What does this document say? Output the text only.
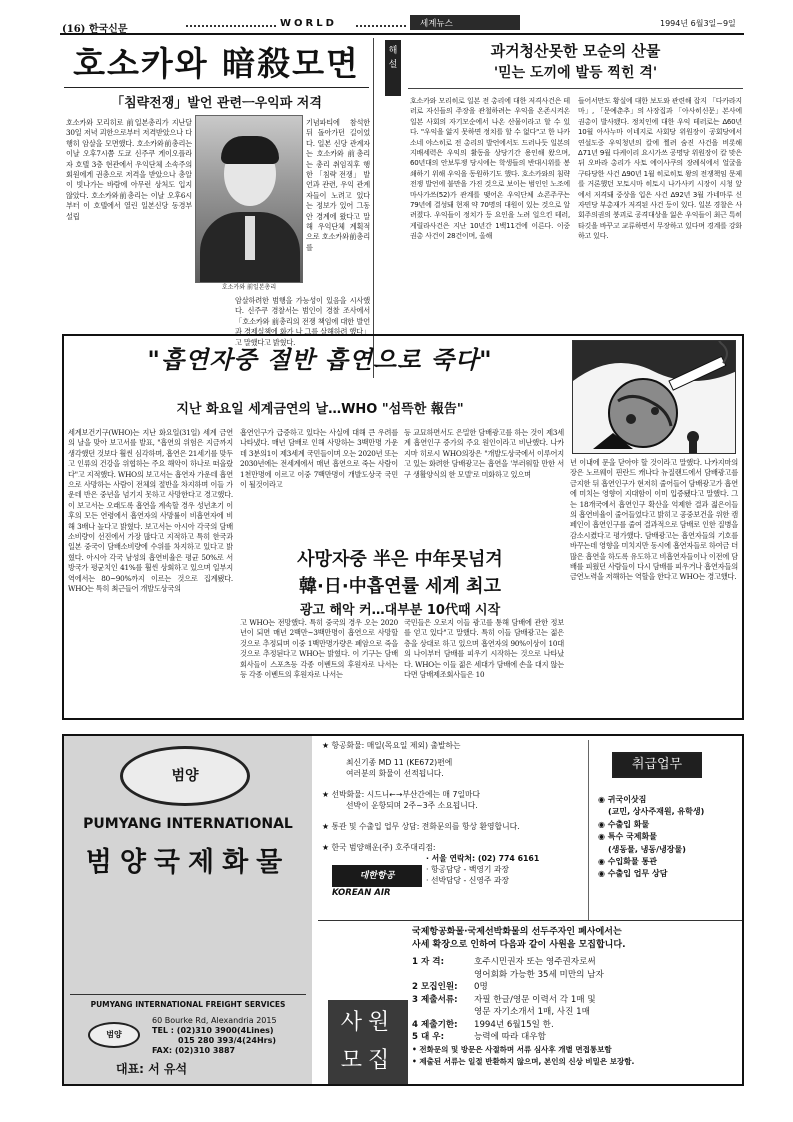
(16) 한국신문
WORLD	세계뉴스	1994년 6월3일~9일
호소카와 暗殺모면
「침략전쟁」발언 관련ㅡ우익파 저격
호소카와 前일본총리
호소카와 모리히로 前일본총리가 지난달30일 저녁 괴한으로부터 저격받았으나 다행히 암살을 모면했다. 호소카와前총리는 이날 오후7시쯤 도쿄 신주쿠 게이오플라자 호텔 3층 현관에서 우익단체 소속주의 회원에게 권총으로 저격을 받았으나 총알이 빗나가는 바람에 아무런 상처도 입지 않았다. 호소카와前총리는 이날 오후6시부터 이 호텔에서 열린 일본신당 동경부 설립
기념파티에 참석한 뒤 돌아가던 길이었다. 일본 신당 관계자는 호소카와 前총리는 총리 취임직후 행한 「침략 전쟁」 발언과 관련, 우익 관계자들이 노려고 있다는 정보가 있어 그동안 경계에 왔다고 말해 우익단체 계획적으로 호소카와前총리를
암살하려한 범행을 가능성이 있음을 시사했다. 신주쿠 경찰서는 범인이 경찰 조사에서 「호소카와 前총리의 전쟁 책임에 대한 발언과 경제실책에 화가 나 그를 살해하려 했다」고 말했다고 밝혔다.
해설
과거청산못한 모순의 산물
'믿는 도끼에 발등 찍힌 격'
호소카와 모리히로 일본 전 총리에 대한 저격사건은 테러로 자신들의 주장을 관철하려는 우익을 온존시켜온 일본 사회의 자기모순에서 나온 산물이라고 할 수 있다. "우익을 앓지 못하면 정치를 할 수 없다"고 한 나카소네 야스히로 전 총리의 발언에서도 드러나듯 일본의 지배세력은 우익의 활동을 상당기간 용인해 왔으며, 60년대의 안보투쟁 당시에는 학생들의 반대시위를 봉쇄하기 위해 우익을 동원하기도 했다. 호소카와의 침략전쟁 발언에 불만을 가진 것으로 보이는 범인인 노조에 마사가쓰(52)가 관계를 맺어온 우익단체 쇼콘주쿠는 79년에 결성돼 현재 약 70명의 대원이 있는 것으로 알려졌다. 우익들이 정치가 등 요인을 노려 일으킨 테러, 게릴라사건은 지난 10년간 1백11건에 이른다. 이중 권총 사건이 28건이며, 올해
들어서만도 황실에 대한 보도와 관련해 잡지 「다카라지마」, 「문예춘추」의 사장집과 「아사히신문」본사에 권총이 발사됐다. 정치인에 대한 우익 테러로는 Δ60년 10월 아사누마 이네지로 사회당 위원장이 공회당에서 연설도중 우익청년의 칼에 찔려 숨진 사건을 비롯해 Δ71년 9월 다케이리 요시가쓰 공명당 위원장이 칼 맞은 뒤 오바라 총리가 사토 에이사쿠의 장례식에서 얼굴을 구타당한 사건 Δ90년 1월 히로히토 왕의 전쟁책임 문제를 거론했던 모토시마 히토시 나가사키 시장이 시청 앞에서 저격돼 중상을 입은 사건 Δ92년 3월 가네마루 신 자민당 부총재가 저격된 사건 등이 있다. 일본 경찰은 사회주의권의 붕괴로 공격대상을 잃은 우익들이 최근 특히 타깃을 바꾸고 교류하면서 무장하고 있다며 경계를 강화하고 있다.
"흡연자중 절반 흡연으로 죽다"
지난 화요일 세계금연의 날…WHO "섬뜩한 報告"
사망자중 半은 中年못넘겨
韓·日·中흡연률 세계 최고
광고 해악 커…대부분 10代때 시작
세계보건기구(WHO)는 지난 화요일(31일) 세계 금연의 날을 맞아 보고서를 발표, "흡연의 위험은 지금까지 생각했던 것보다 훨씬 심각하며, 흡연은 21세기를 맞두고 인류의 건강을 위협하는 주요 해악이 하나로 떠올랐다"고 지적했다. WHO의 보고서는 흡연자 가운데 흡연으로 사망하는 사람이 전체의 절반을 차지하며 이들 가운데 반은 중년을 넘기지 못하고 사망한다고 경고했다. 이 보고서는 오래도록 흡연을 계속할 경우 성년초기 이후의 모든 연령에서 흡연자의 사망률이 비흡연자에 비해 3배나 높다고 밝혔다. 보고서는 아시아 각국의 담배소비량이 선진에서 가장 많다고 지적하고 특히 한국과 일본 중국이 담배소비량에 수위를 차지하고 있다고 밝혔다. 아시아 각국 남성의 흡연비율은 평균 50%로 서방국가 평균치인 41%를 훨씬 상회하고 있으며 일부지역에서는 80~90%까지 이르는 것으로 집계됐다. WHO는 특히 최근들어 개발도상국의
흡연인구가 급증하고 있다는 사실에 대해 큰 우려를 나타냈다. 매년 담배로 인해 사망하는 3백만명 가운데 3분의1이 제3세계 국민들이며 오는 2020년 또는 2030년에는 전세계에서 매년 흡연으로 죽는 사람이 1천만명에 이르고 이중 7백만명이 개발도상국 국민이 될것이라고
등 교묘하면서도 은밀한 담배광고를 하는 것이 제3세계 흡연인구 증가의 주요 원인이라고 비난했다. 나카지마 히로시 WHO의장은 "개발도상국에서 이루어지고 있는 화려한 담배광고는 흡연을 '부러워할 만한 서구 생활양식의 한 모델'로 미화하고 있으며
년 이내에 문을 닫아야 할 것이라고 말했다. 나카지마의장은 노르웨이 핀란드 캐나다 뉴질랜드에서 담배광고를 금지한 뒤 흡연인구가 현저히 줄어들어 담배광고가 흡연에 미치는 영향이 지대함이 이미 입증됐다고 말했다. 그는 18개국에서 흡연인구 확산을 억제한 결과 젊은이들의 흡연비율이 줄어들었다고 밝히고 공중보건을 위한 캠페인이 흡연인구를 줄여 결과적으로 담배로 인한 질병을 감소시켰다고 평가했다. 담배광고는 흡연자들의 기호를 바꾸는데 영향을 미치지만 동시에 흡연자들로 하여금 더 많은 흡연을 하도록 유도하고 비흡연자들이나 이전에 담배를 피웠던 사람들이 다시 담배를 피우거나 흡연자들의 금연노력을 저해하는 역할을 한다고 WHO는 경고했다.
고 WHO는 전망했다. 특히 중국의 경우 오는 2020년이 되면 매년 2백만~3백만명이 흡연으로 사망할 것으로 추정되며 이중 1백만명가량은 폐암으로 죽을 것으로 추정된다고 WHO는 밝혔다. 이 기구는 담배회사들이 스포츠등 각종 이벤트의 후원자로 나서는등 각종 이벤트의 후원자로 나서는
국민들은 오로지 이들 광고를 통해 담배에 관한 정보를 얻고 있다"고 말했다. 특히 이들 담배광고는 젊은층을 상대로 하고 있으며 흡연자의 90%이상이 10대의 나이부터 담배를 피우기 시작하는 것으로 나타났다. WHO는 이들 젊은 세대가 담배에 손을 대지 않는다면 담배제조회사들은 10
범양
PUMYANG INTERNATIONAL
범양국제화물
PUMYANG INTERNATIONAL FREIGHT SERVICES
범양
60 Bourke Rd, Alexandria 2015
TEL : (02)310 3900(4Lines)
015 280 393/4(24Hrs)
FAX: (02)310 3887
대표: 서 유석
★ 항공화물: 매일(목요일 제외) 출발하는
최신기종 MD 11 (KE672)편에
여러분의 화물이 선적됩니다.
★ 선박화물: 시드니←→부산간에는 매 7일마다
선박이 운항되며 2주~3주 소요됩니다.
★ 통관 및 수출입 업무 상담: 전화문의를 항상 환영합니다.
★ 한국 범양해운(주) 호주대리점:
· 서울 연락처: (02) 774 6161
· 항공담당 - 백영기 과장
· 선박담당 - 신영주 과장
대한항공
KOREAN AIR
취급업무
◉ 귀국이삿짐
(교민, 상사주재원, 유학생)
◉ 수출입 화물
◉ 특수 국제화물
(생동물, 냉동/냉장물)
◉ 수입화물 통관
◉ 수출입 업무 상담
사원모집
국제항공화물·국제선박화물의 선두주자인 폐사에서는
사세 확장으로 인하여 다음과 같이 사원을 모집합니다.
1 자 격:	호주시민권자 또는 영주권자로써
영어회화 가능한 35세 미만의 남자
2 모집인원: 0명
3 제출서류: 자필 한글/영문 이력서 각 1매 및
영문 자기소개서 1매, 사진 1매
4 제출기한: 1994년 6월15일 한.
5 대 우:	능력에 따라 대우함
• 전화문의 및 방문은 사절하며 서류 심사후 개별 면접통보함
• 제출된 서류는 일절 반환하지 않으며, 본인의 신상 비밀은 보장함.
